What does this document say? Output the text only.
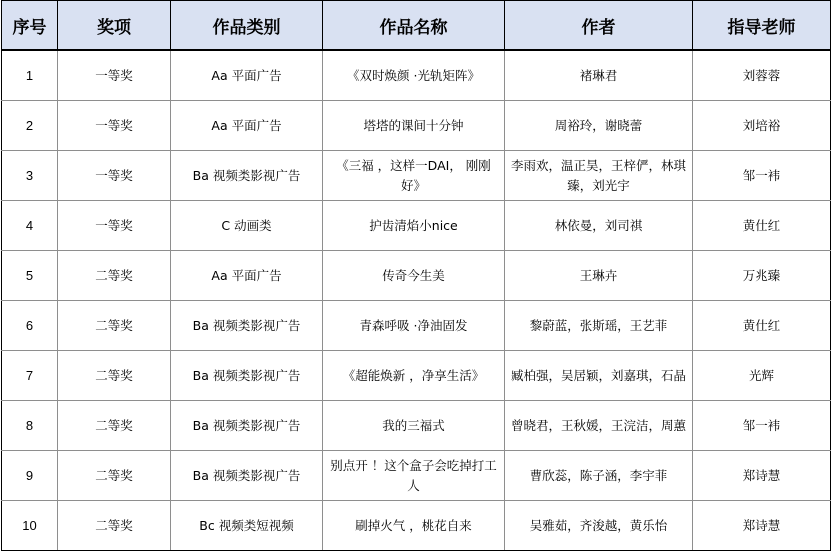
序号	奖项	作品类别	作品名称	作者	指导老师
1	一等奖	Aa 平面广告	《双时焕颜 ·光轨矩阵》	褚琳君	刘蓉蓉
2	一等奖	Aa 平面广告	塔塔的课间十分钟	周裕玲，谢晓蕾	刘培裕
3	一等奖	Ba 视频类影视广告	《三福 ，这样一DAI， 刚刚好》	李雨欢，温正昊，王梓俨，林琪臻，刘光宇	邹一袆
4	一等奖	C 动画类	护齿清焰小nice	林依曼，刘司祺	黄仕红
5	二等奖	Aa 平面广告	传奇今生美	王琳卉	万兆臻
6	二等奖	Ba 视频类影视广告	青森呼吸 ·净油固发	黎蔚蓝，张斯瑶，王艺菲	黄仕红
7	二等奖	Ba 视频类影视广告	《超能焕新 ，净享生活》	臧柏强，吴居颖，刘嘉琪，石晶	光辉
8	二等奖	Ba 视频类影视广告	我的三福式	曾晓君，王秋媛，王浣洁，周蕙	邹一袆
9	二等奖	Ba 视频类影视广告	别点开 ！这个盒子会吃掉打工人	曹欣蕊，陈子涵，李宇菲	郑诗慧
10	二等奖	Bc 视频类短视频	刷掉火气 ，桃花自来	吴雅茹，齐浚越，黄乐怡	郑诗慧
